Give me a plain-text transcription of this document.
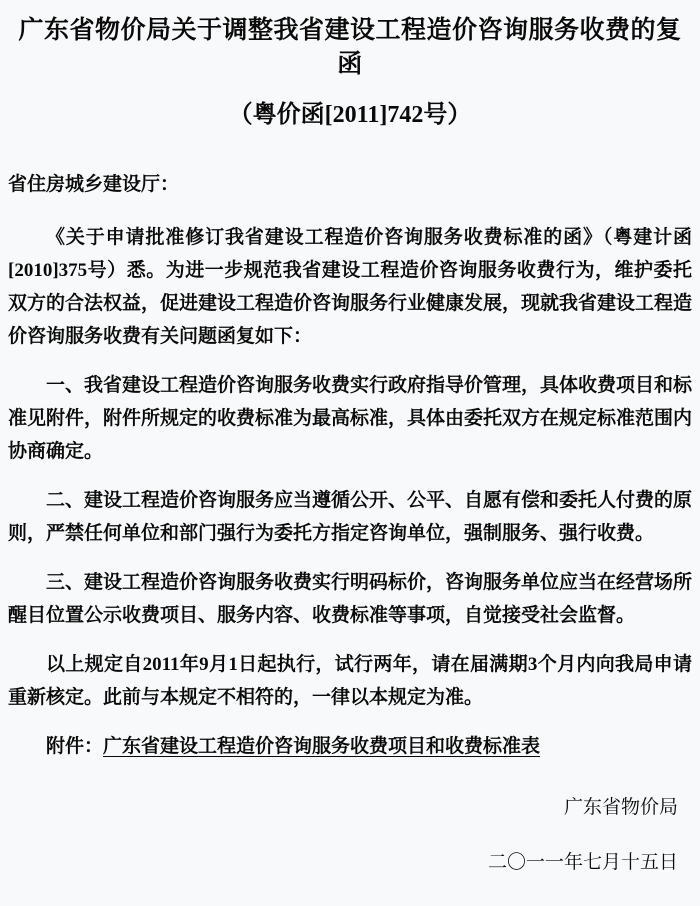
广东省物价局关于调整我省建设工程造价咨询服务收费的复函
（粤价函[2011]742号）

省住房城乡建设厅：

《关于申请批准修订我省建设工程造价咨询服务收费标准的函》（粤建计函[2010]375号）悉。为进一步规范我省建设工程造价咨询服务收费行为，维护委托双方的合法权益，促进建设工程造价咨询服务行业健康发展，现就我省建设工程造价咨询服务收费有关问题函复如下：

一、我省建设工程造价咨询服务收费实行政府指导价管理，具体收费项目和标准见附件，附件所规定的收费标准为最高标准，具体由委托双方在规定标准范围内协商确定。

二、建设工程造价咨询服务应当遵循公开、公平、自愿有偿和委托人付费的原则，严禁任何单位和部门强行为委托方指定咨询单位，强制服务、强行收费。

三、建设工程造价咨询服务收费实行明码标价，咨询服务单位应当在经营场所醒目位置公示收费项目、服务内容、收费标准等事项，自觉接受社会监督。

以上规定自2011年9月1日起执行，试行两年，请在届满期3个月内向我局申请重新核定。此前与本规定不相符的，一律以本规定为准。

附件：广东省建设工程造价咨询服务收费项目和收费标准表

广东省物价局

二〇一一年七月十五日
